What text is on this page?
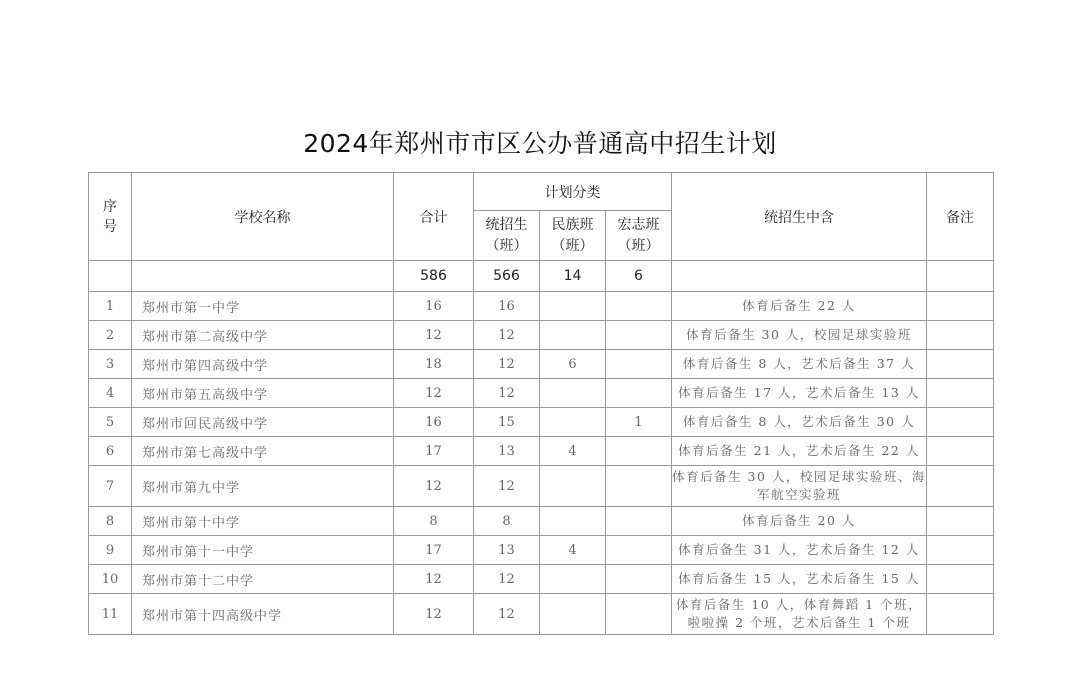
2024年郑州市市区公办普通高中招生计划
序号	学校名称	合计	计划分类			统招生中含	备注
			统招生（班）	民族班（班）	宏志班（班）		
		586	566	14	6		
1	郑州市第一中学	16	16			体育后备生 22 人	
2	郑州市第二高级中学	12	12			体育后备生 30 人，校园足球实验班	
3	郑州市第四高级中学	18	12	6		体育后备生 8 人，艺术后备生 37 人	
4	郑州市第五高级中学	12	12			体育后备生 17 人，艺术后备生 13 人	
5	郑州市回民高级中学	16	15		1	体育后备生 8 人，艺术后备生 30 人	
6	郑州市第七高级中学	17	13	4		体育后备生 21 人，艺术后备生 22 人	
7	郑州市第九中学	12	12			体育后备生 30 人，校园足球实验班、海军航空实验班	
8	郑州市第十中学	8	8			体育后备生 20 人	
9	郑州市第十一中学	17	13	4		体育后备生 31 人，艺术后备生 12 人	
10	郑州市第十二中学	12	12			体育后备生 15 人，艺术后备生 15 人	
11	郑州市第十四高级中学	12	12			体育后备生 10 人，体育舞蹈 1 个班，啦啦操 2 个班，艺术后备生 1 个班	
